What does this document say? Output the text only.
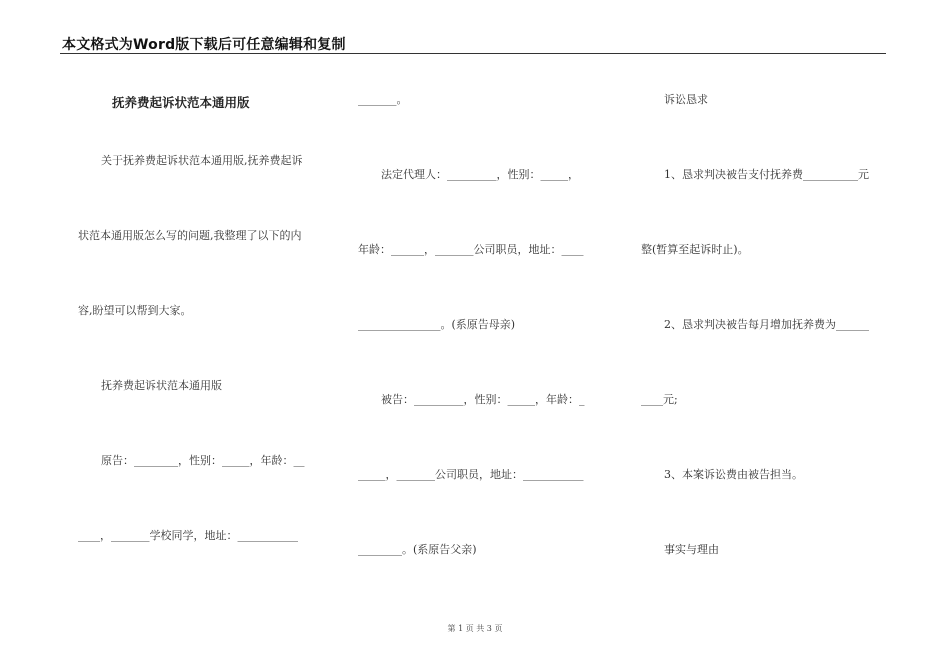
本文格式为Word版下载后可任意编辑和复制
抚养费起诉状范本通用版
关于抚养费起诉状范本通用版,抚养费起诉
状范本通用版怎么写的问题,我整理了以下的内
容,盼望可以帮到大家。
抚养费起诉状范本通用版
原告：________，性别：_____，年龄：__
____，_______学校同学，地址：___________
_______。
法定代理人：_________，性别：_____，
年龄：______，_______公司职员，地址：____
_______________。(系原告母亲)
被告：_________，性别：_____，年龄：_
_____，_______公司职员，地址：___________
________。(系原告父亲)
诉讼恳求
1、恳求判决被告支付抚养费__________元
整(暂算至起诉时止)。
2、恳求判决被告每月增加抚养费为______
____元;
3、本案诉讼费由被告担当。
事实与理由
第 1 页 共 3 页
